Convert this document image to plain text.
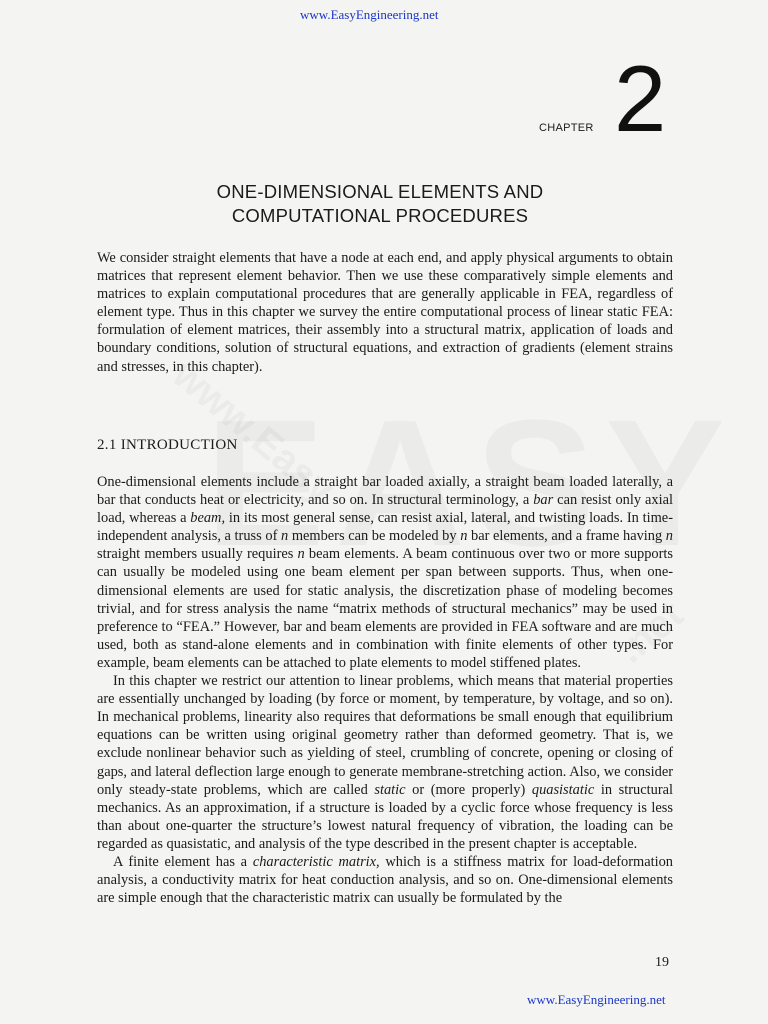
www.EasyEngineering.net
CHAPTER 2
ONE-DIMENSIONAL ELEMENTS AND
COMPUTATIONAL PROCEDURES

We consider straight elements that have a node at each end, and apply physical arguments to obtain matrices that represent element behavior. Then we use these comparatively simple elements and matrices to explain computational procedures that are generally applicable in FEA, regardless of element type. Thus in this chapter we survey the entire computational process of linear static FEA: formulation of element matrices, their assembly into a structural matrix, application of loads and boundary conditions, solution of structural equations, and extraction of gradients (element strains and stresses, in this chapter).

2.1 INTRODUCTION

One-dimensional elements include a straight bar loaded axially, a straight beam loaded laterally, a bar that conducts heat or electricity, and so on. In structural terminology, a bar can resist only axial load, whereas a beam, in its most general sense, can resist axial, lateral, and twisting loads. In time-independent analysis, a truss of n members can be modeled by n bar elements, and a frame having n straight members usually requires n beam elements. A beam continuous over two or more supports can usually be modeled using one beam element per span between supports. Thus, when one-dimensional elements are used for static analysis, the discretization phase of modeling becomes trivial, and for stress analysis the name “matrix methods of structural mechanics” may be used in preference to “FEA.” However, bar and beam elements are provided in FEA software and are much used, both as stand-alone elements and in combination with finite elements of other types. For example, beam elements can be attached to plate elements to model stiffened plates.

In this chapter we restrict our attention to linear problems, which means that material properties are essentially unchanged by loading (by force or moment, by temperature, by voltage, and so on). In mechanical problems, linearity also requires that deformations be small enough that equilibrium equations can be written using original geometry rather than deformed geometry. That is, we exclude nonlinear behavior such as yielding of steel, crumbling of concrete, opening or closing of gaps, and lateral deflection large enough to generate membrane-stretching action. Also, we consider only steady-state problems, which are called static or (more properly) quasistatic in structural mechanics. As an approximation, if a structure is loaded by a cyclic force whose frequency is less than about one-quarter the structure’s lowest natural frequency of vibration, the loading can be regarded as quasistatic, and analysis of the type described in the present chapter is acceptable.

A finite element has a characteristic matrix, which is a stiffness matrix for load-deformation analysis, a conductivity matrix for heat conduction analysis, and so on. One-dimensional elements are simple enough that the characteristic matrix can usually be formulated by the

19
www.EasyEngineering.net
